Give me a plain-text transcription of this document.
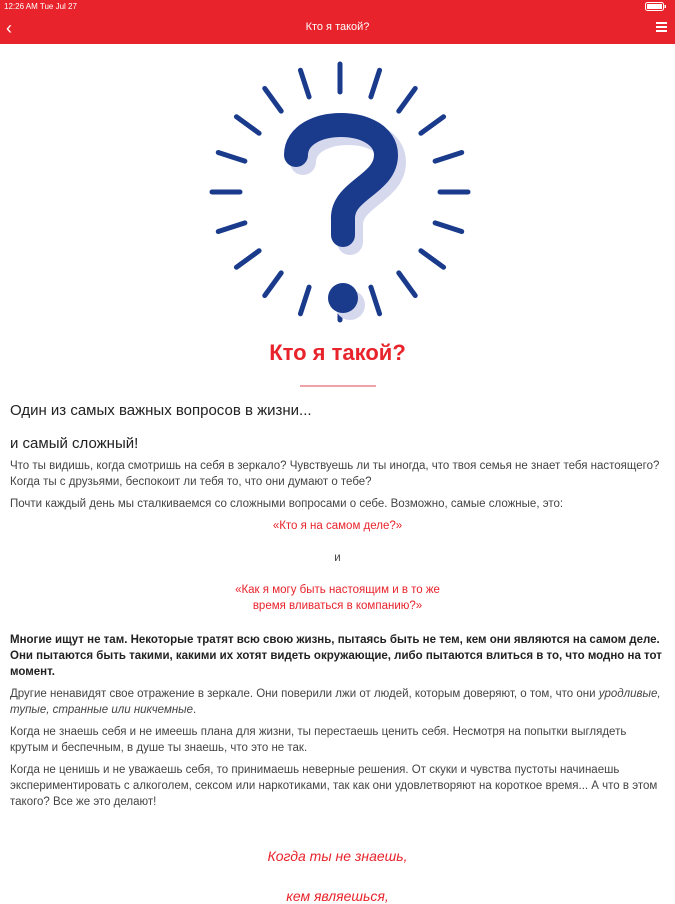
12:26 AM Tue Jul 27
‹	Кто я такой?
Кто я такой?

Один из самых важных вопросов в жизни...

и самый сложный!

Что ты видишь, когда смотришь на себя в зеркало? Чувствуешь ли ты иногда, что твоя семья не знает тебя настоящего? Когда ты с друзьями, беспокоит ли тебя то, что они думают о тебе?

Почти каждый день мы сталкиваемся со сложными вопросами о себе. Возможно, самые сложные, это:

«Кто я на самом деле?»

и

«Как я могу быть настоящим и в то же
время вливаться в компанию?»

Многие ищут не там. Некоторые тратят всю свою жизнь, пытаясь быть не тем, кем они являются на самом деле. Они пытаются быть такими, какими их хотят видеть окружающие, либо пытаются влиться в то, что модно на тот момент.

Другие ненавидят свое отражение в зеркале. Они поверили лжи от людей, которым доверяют, о том, что они уродливые, тупые, странные или никчемные.

Когда не знаешь себя и не имеешь плана для жизни, ты перестаешь ценить себя. Несмотря на попытки выглядеть крутым и беспечным, в душе ты знаешь, что это не так.

Когда не ценишь и не уважаешь себя, то принимаешь неверные решения. От скуки и чувства пустоты начинаешь экспериментировать с алкоголем, сексом или наркотиками, так как они удовлетворяют на короткое время... А что в этом такого? Все же это делают!

Когда ты не знаешь,

кем являешься,
